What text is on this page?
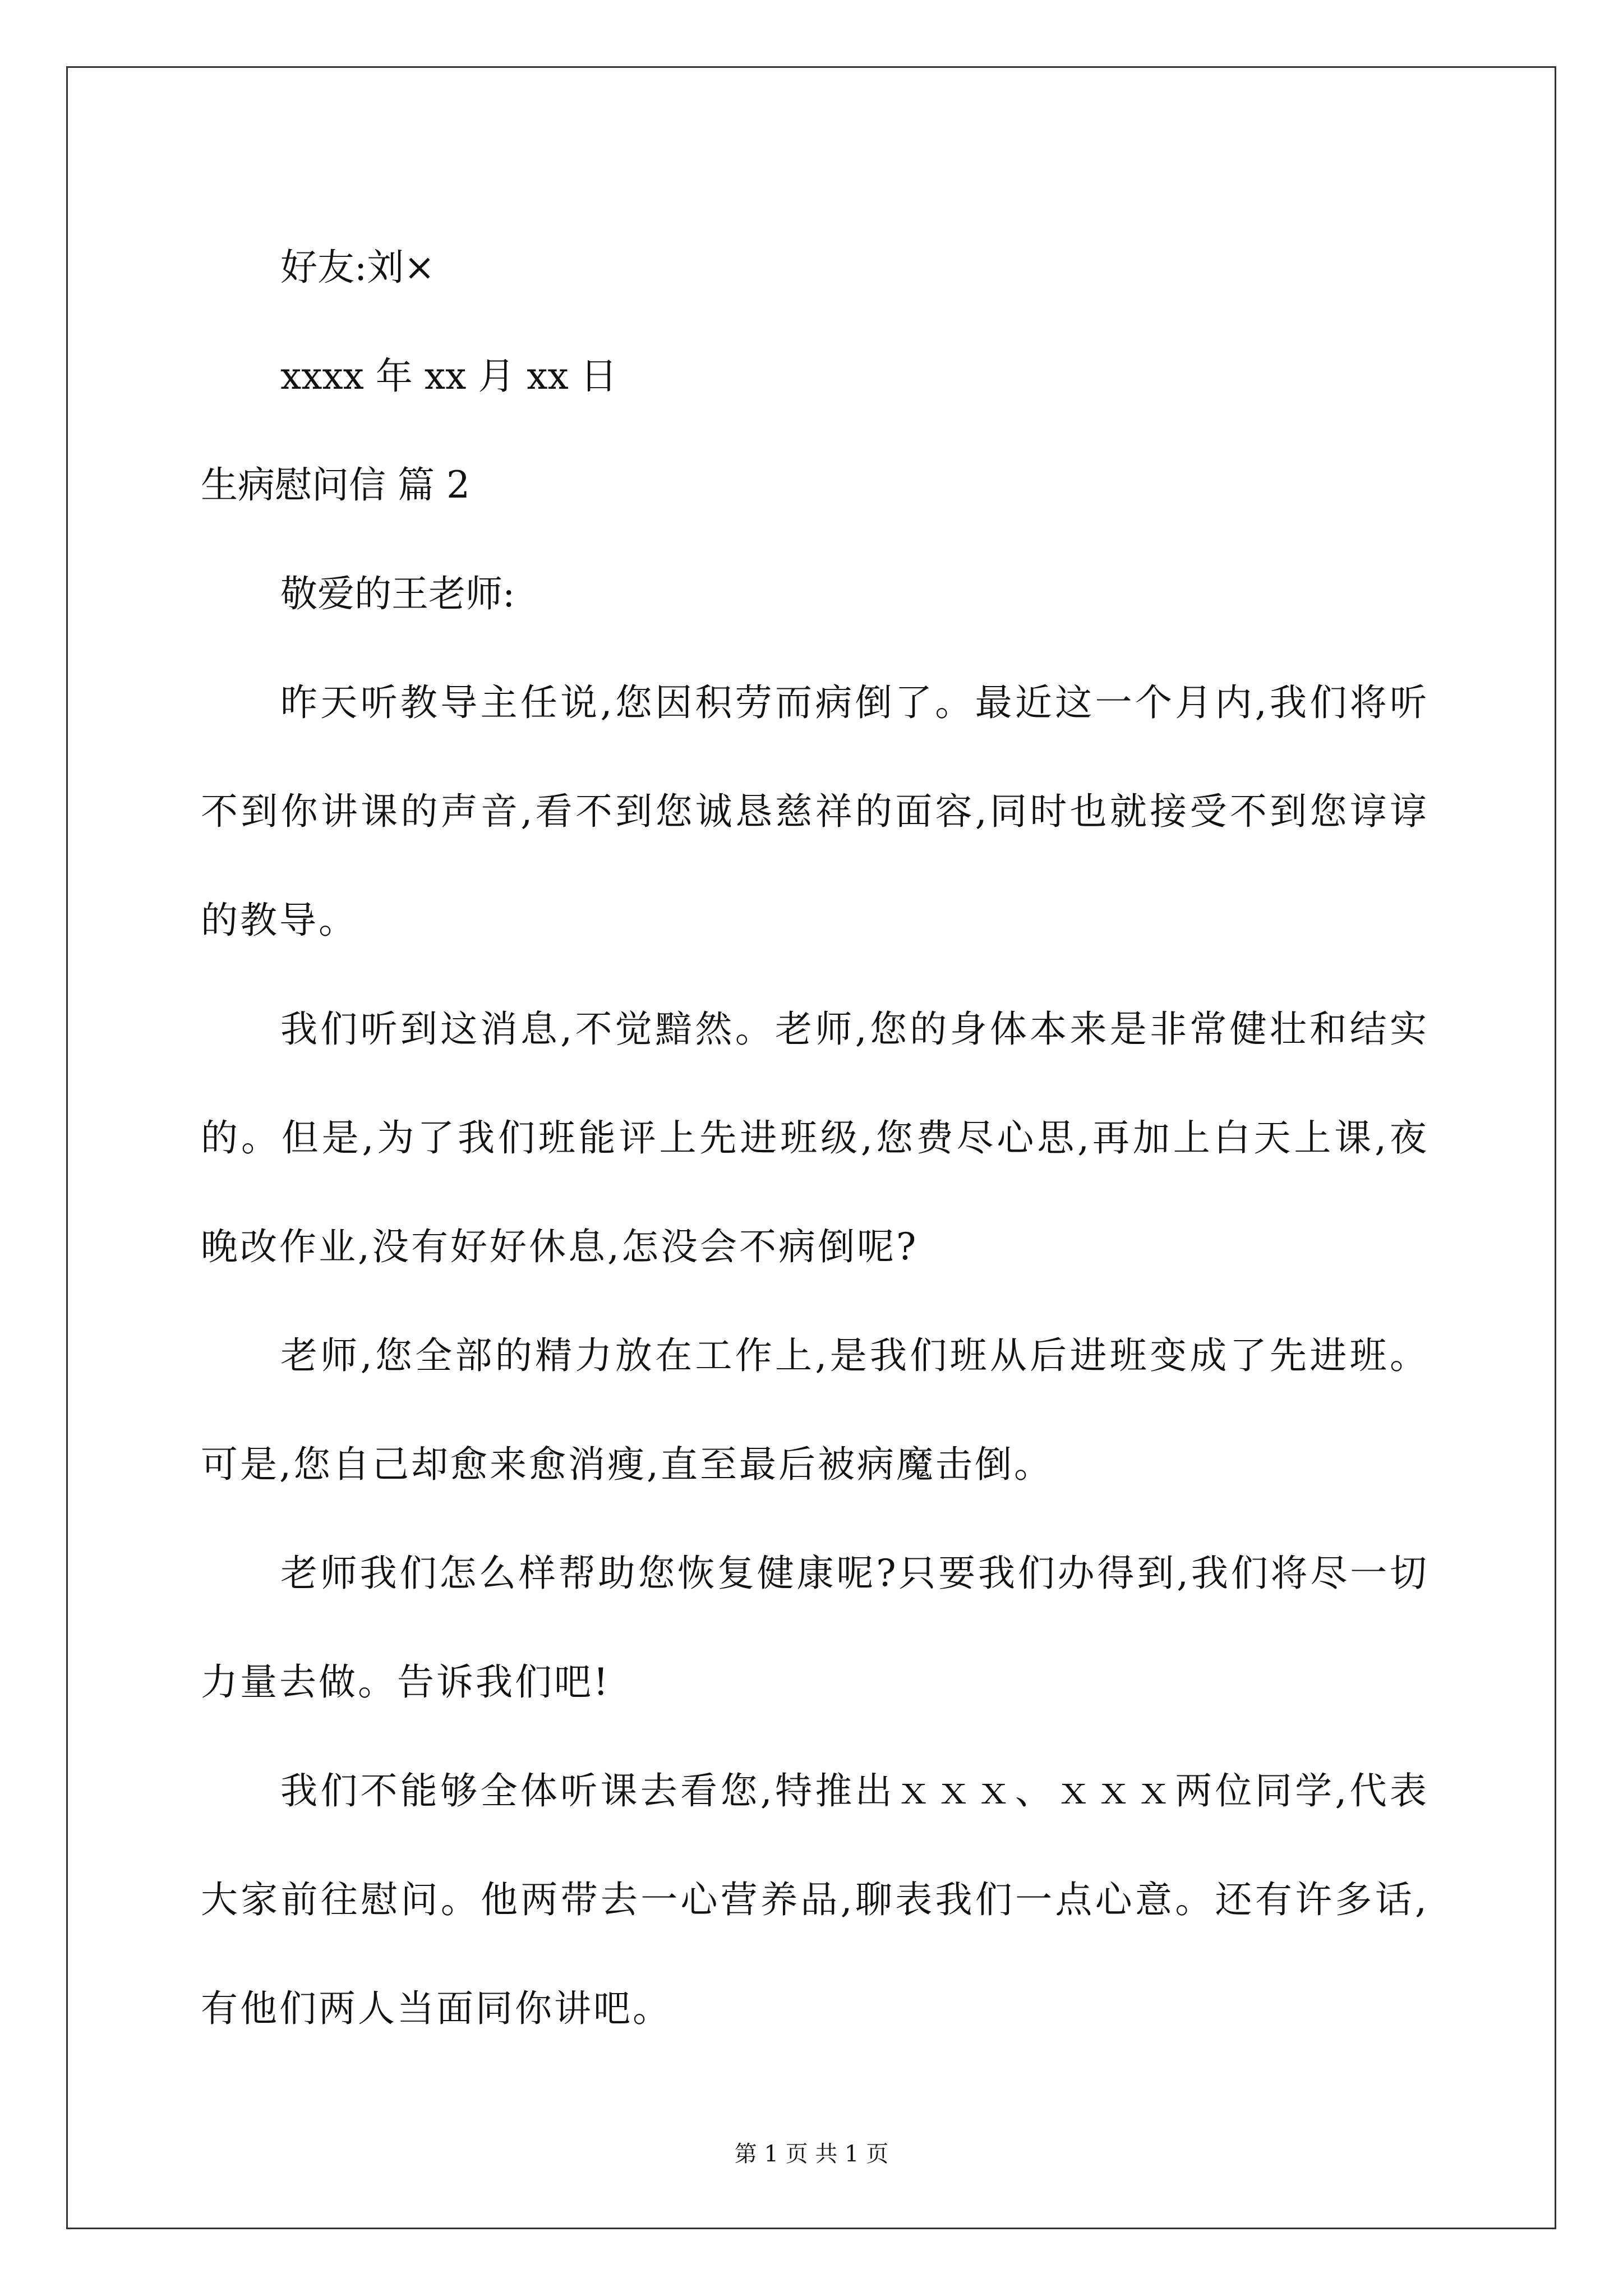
好友:刘×

xxxx 年 xx 月 xx 日

生病慰问信 篇 2

敬爱的王老师:

昨天听教导主任说,您因积劳而病倒了。最近这一个月内,我们将听不到你讲课的声音,看不到您诚恳慈祥的面容,同时也就接受不到您谆谆的教导。

我们听到这消息,不觉黯然。老师,您的身体本来是非常健壮和结实的。但是,为了我们班能评上先进班级,您费尽心思,再加上白天上课,夜晚改作业,没有好好休息,怎没会不病倒呢?

老师,您全部的精力放在工作上,是我们班从后进班变成了先进班。可是,您自己却愈来愈消瘦,直至最后被病魔击倒。

老师我们怎么样帮助您恢复健康呢?只要我们办得到,我们将尽一切力量去做。告诉我们吧!

我们不能够全体听课去看您,特推出ｘｘｘ、ｘｘｘ两位同学,代表大家前往慰问。他两带去一心营养品,聊表我们一点心意。还有许多话,有他们两人当面同你讲吧。

第 1 页 共 1 页
